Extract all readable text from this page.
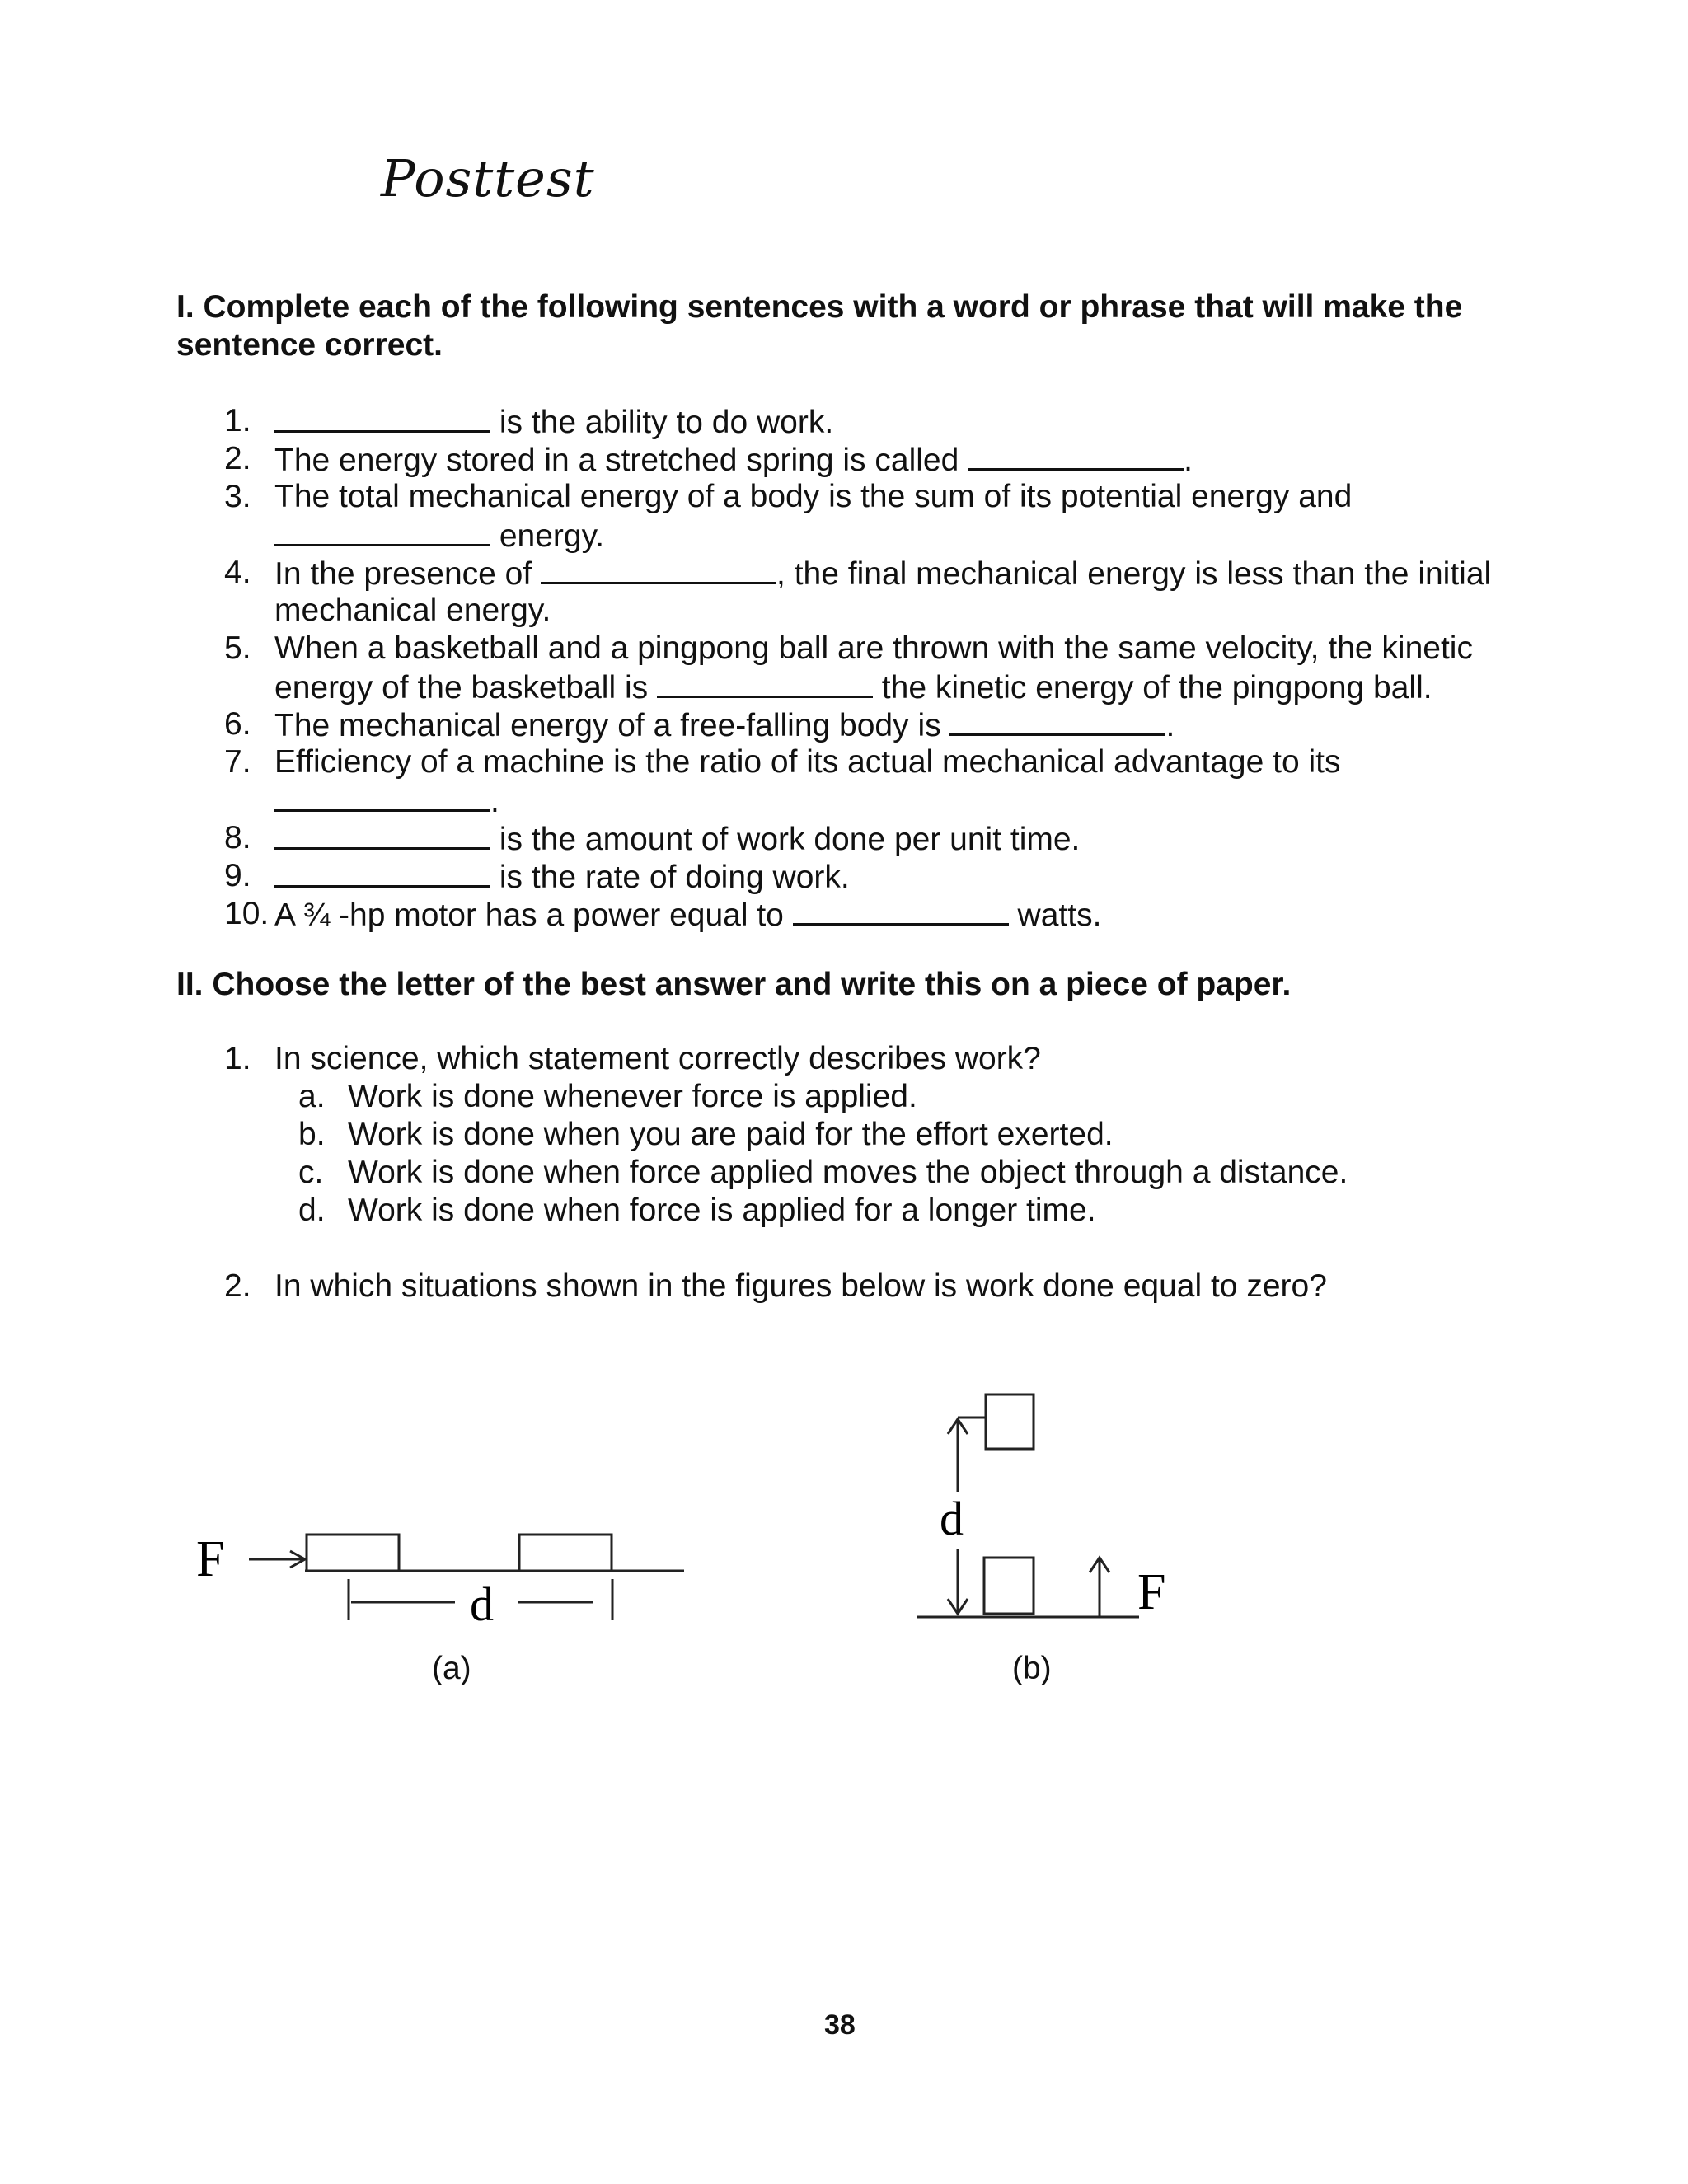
Posttest
I. Complete each of the following sentences with a word or phrase that will make the sentence correct.
1.	is the ability to do work.
2. The energy stored in a stretched spring is called	.
3. The total mechanical energy of a body is the sum of its potential energy and
energy.
4. In the presence of	, the final mechanical energy is less than the initial
mechanical energy.
5. When a basketball and a pingpong ball are thrown with the same velocity, the kinetic
energy of the basketball is	the kinetic energy of the pingpong ball.
6. The mechanical energy of a free-falling body is	.
7. Efficiency of a machine is the ratio of its actual mechanical advantage to its
.
8.	is the amount of work done per unit time.
9.	is the rate of doing work.
10. A ¾ -hp motor has a power equal to	watts.
II. Choose the letter of the best answer and write this on a piece of paper.
1. In science, which statement correctly describes work?
a. Work is done whenever force is applied.
b. Work is done when you are paid for the effort exerted.
c. Work is done when force applied moves the object through a distance.
d. Work is done when force is applied for a longer time.
2. In which situations shown in the figures below is work done equal to zero?
F
d
(a)
d
F
(b)
38
